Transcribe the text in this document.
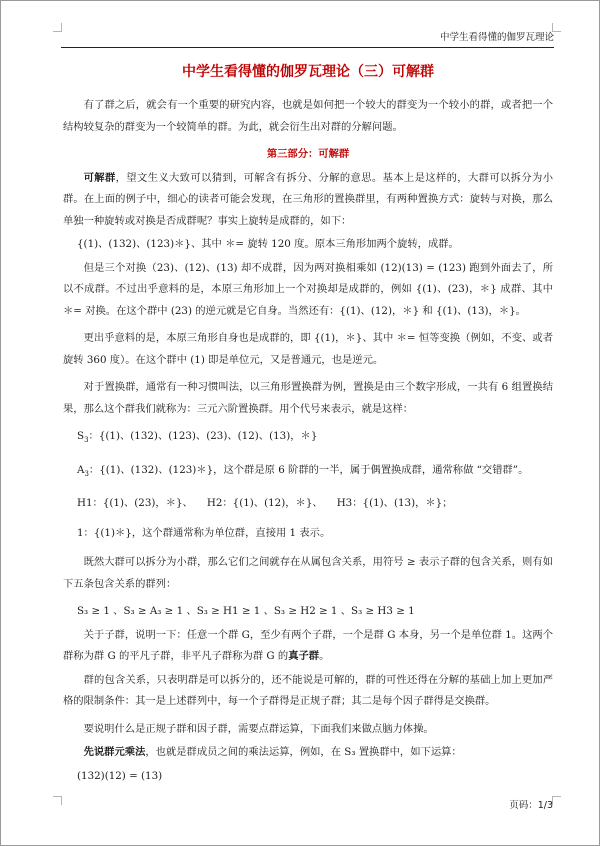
中学生看得懂的伽罗瓦理论
中学生看得懂的伽罗瓦理论（三）可解群

有了群之后，就会有一个重要的研究内容，也就是如何把一个较大的群变为一个较小的群，或者把一个结构较复杂的群变为一个较简单的群。为此，就会衍生出对群的分解问题。

第三部分：可解群

可解群，望文生义大致可以猜到，可解含有拆分、分解的意思。基本上是这样的，大群可以拆分为小群。在上面的例子中，细心的读者可能会发现，在三角形的置换群里，有两种置换方式：旋转与对换，那么单独一种旋转或对换是否成群呢？事实上旋转是成群的，如下：

{(1)、(132)、(123)＊}、其中 ＊= 旋转 120 度。原本三角形加两个旋转，成群。

但是三个对换（23)、(12)、(13) 却不成群，因为两对换相乘如 (12)(13) = (123) 跑到外面去了，所以不成群。不过出乎意料的是，本原三角形加上一个对换却是成群的，例如 {(1)、(23)，＊} 成群、其中 ＊= 对换。在这个群中 (23) 的逆元就是它自身。当然还有：{(1)、(12)，＊} 和 {(1)、(13)，＊}。

更出乎意料的是，本原三角形自身也是成群的，即 {(1)，＊}、其中 ＊= 恒等变换（例如，不变、或者旋转 360 度）。在这个群中 (1) 即是单位元，又是普通元，也是逆元。

对于置换群，通常有一种习惯叫法，以三角形置换群为例，置换是由三个数字形成，一共有 6 组置换结果，那么这个群我们就称为：三元六阶置换群。用个代号来表示，就是这样：

$S_3$：{(1)、(132)、(123)、(23)、(12)、(13)，＊}

$A_3$：{(1)、(132)、(123)＊}，这个群是原 6 阶群的一半，属于偶置换成群，通常称做 “交错群”。

H1：{(1)、(23)，＊}、 H2：{(1)、(12)，＊}、 H3：{(1)、(13)，＊}；

1：{(1)＊}，这个群通常称为单位群，直接用 1 表示。

既然大群可以拆分为小群，那么它们之间就存在从属包含关系，用符号 ≥ 表示子群的包含关系，则有如下五条包含关系的群列：

S₃ ≥ 1 、S₃ ≥ A₃ ≥ 1 、S₃ ≥ H1 ≥ 1 、S₃ ≥ H2 ≥ 1 、S₃ ≥ H3 ≥ 1

关于子群，说明一下：任意一个群 G，至少有两个子群，一个是群 G 本身，另一个是单位群 1。这两个群称为群 G 的平凡子群，非平凡子群称为群 G 的真子群。

群的包含关系，只表明群是可以拆分的，还不能说是可解的，群的可性还得在分解的基础上加上更加严格的限制条件：其一是上述群列中，每一个子群得是正规子群；其二是每个因子群得是交换群。

要说明什么是正规子群和因子群，需要点群运算，下面我们来做点脑力体操。

先说群元乘法，也就是群成员之间的乘法运算，例如，在 S₃ 置换群中，如下运算：

(132)(12) = (13)

页码：1/3
